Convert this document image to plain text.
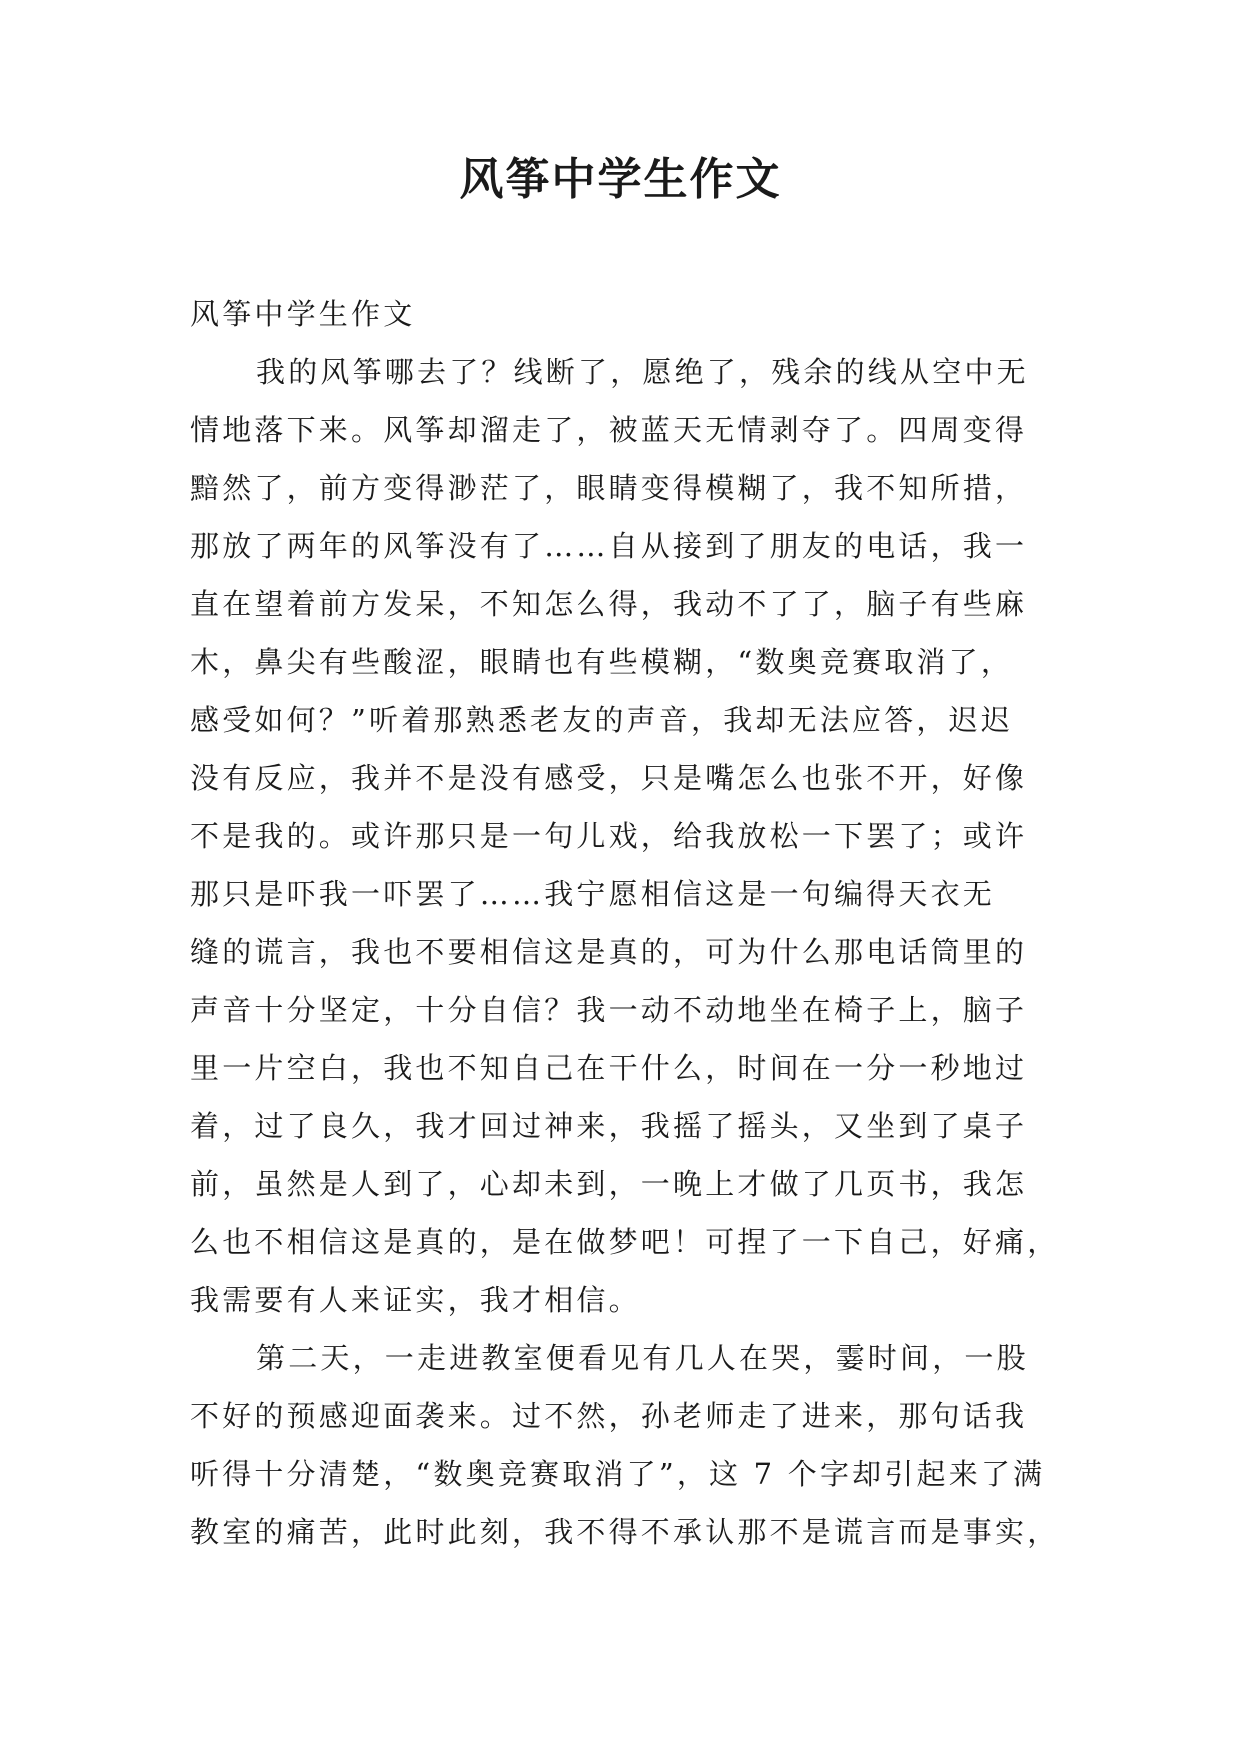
风筝中学生作文
风筝中学生作文
我的风筝哪去了？线断了，愿绝了，残余的线从空中无
情地落下来。风筝却溜走了，被蓝天无情剥夺了。四周变得
黯然了，前方变得渺茫了，眼睛变得模糊了，我不知所措，
那放了两年的风筝没有了……自从接到了朋友的电话，我一
直在望着前方发呆，不知怎么得，我动不了了，脑子有些麻
木，鼻尖有些酸涩，眼睛也有些模糊，“数奥竞赛取消了，
感受如何？”听着那熟悉老友的声音，我却无法应答，迟迟
没有反应，我并不是没有感受，只是嘴怎么也张不开，好像
不是我的。或许那只是一句儿戏，给我放松一下罢了；或许
那只是吓我一吓罢了……我宁愿相信这是一句编得天衣无
缝的谎言，我也不要相信这是真的，可为什么那电话筒里的
声音十分坚定，十分自信？我一动不动地坐在椅子上，脑子
里一片空白，我也不知自己在干什么，时间在一分一秒地过
着，过了良久，我才回过神来，我摇了摇头，又坐到了桌子
前，虽然是人到了，心却未到，一晚上才做了几页书，我怎
么也不相信这是真的，是在做梦吧！可捏了一下自己，好痛，
我需要有人来证实，我才相信。
第二天，一走进教室便看见有几人在哭，霎时间，一股
不好的预感迎面袭来。过不然，孙老师走了进来，那句话我
听得十分清楚，“数奥竞赛取消了”，这 7 个字却引起来了满
教室的痛苦，此时此刻，我不得不承认那不是谎言而是事实，
